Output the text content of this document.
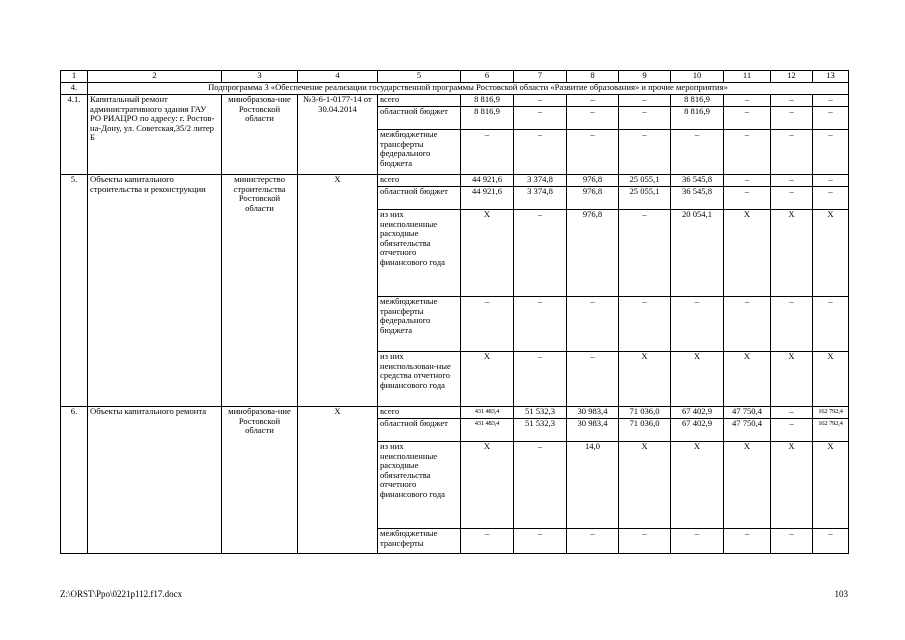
1	2	3	4	5	6	7	8	9	10	11	12	13
4.	Подпрограмма 3 «Обеспечение реализации государственной программы Ростовской области «Развитие образования» и прочие мероприятия»											
4.1.	Капитальный ремонт административного здания ГАУ РО РИАЦРО по адресу: г. Ростов-на-Дону, ул. Советская,35/2 литер Б	минобразова-ние Ростовской области	№3-6-1-0177-14 от 30.04.2014	всего	8 816,9	–	–	–	8 816,9	–	–	–
				областной бюджет	8 816,9	–	–	–	8 816,9	–	–	–
				межбюджетные трансферты федерального бюджета	–	–	–	–	–	–	–	–
5.	Объекты капитального строительства и реконструкции	министерство строительства Ростовской области	Х	всего	44 921,6	3 374,8	976,8	25 055,1	36 545,8	–	–	–
				областной бюджет	44 921,6	3 374,8	976,8	25 055,1	36 545,8	–	–	–
				из них неисполненные расходные обязательства отчетного финансового года	Х	–	976,8	–	20 054,1	Х	Х	Х
				межбюджетные трансферты федерального бюджета	–	–	–	–	–	–	–	–
				из них неиспользован-ные средства отчетного финансового года	Х	–	–	Х	Х	Х	Х	Х
6.	Объекты капитального ремонта	минобразова-ние Ростовской области	Х	всего	431 483,4	51 532,3	30 983,4	71 036,0	67 402,9	47 750,4	–	162 792,4
				областной бюджет	431 483,4	51 532,3	30 983,4	71 036,0	67 402,9	47 750,4	–	162 792,4
				из них неисполненные расходные обязательства отчетного финансового года	Х	–	14,0	Х	Х	Х	Х	Х
				межбюджетные трансферты	–	–	–	–	–	–	–	–
Z:\ORST\Ppo\0221p112.f17.docx	103
